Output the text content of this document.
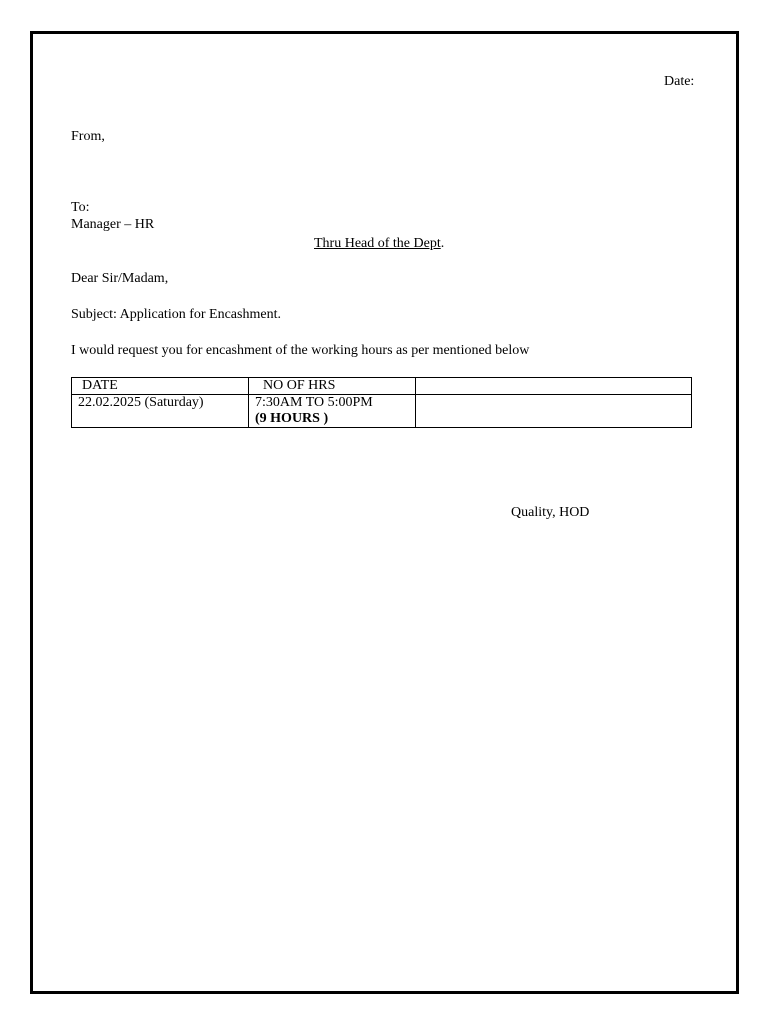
Date:
From,
To:
Manager – HR
Thru Head of the Dept.
Dear Sir/Madam,
Subject: Application for Encashment.
I would request you for encashment of the working hours as per mentioned below
DATE	NO OF HRS	
22.02.2025 (Saturday)	7:30AM TO 5:00PM
(9 HOURS )	

Quality, HOD
